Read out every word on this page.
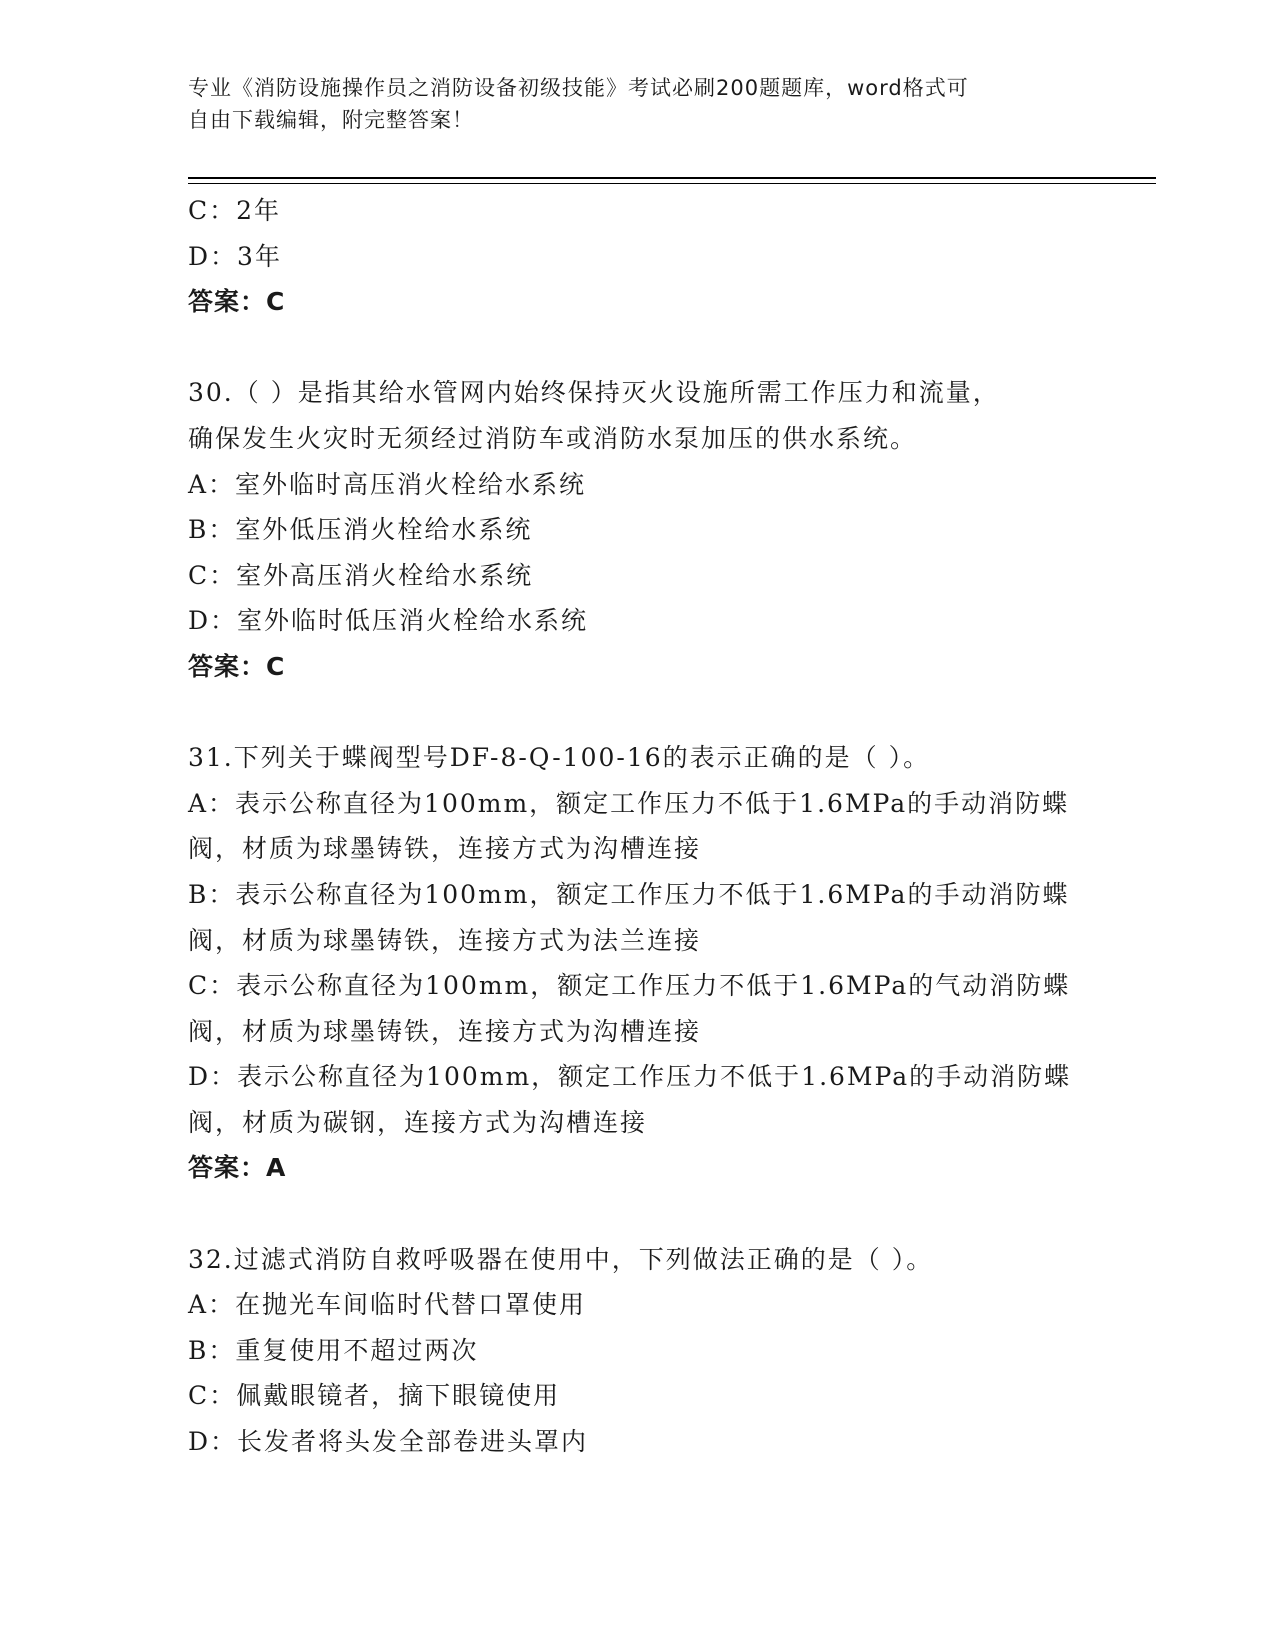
专业《消防设施操作员之消防设备初级技能》考试必刷200题题库，word格式可
自由下载编辑，附完整答案！
C：2年
D：3年
答案：C
30.（ ）是指其给水管网内始终保持灭火设施所需工作压力和流量，
确保发生火灾时无须经过消防车或消防水泵加压的供水系统。
A：室外临时高压消火栓给水系统
B：室外低压消火栓给水系统
C：室外高压消火栓给水系统
D：室外临时低压消火栓给水系统
答案：C
31.下列关于蝶阀型号DF-8-Q-100-16的表示正确的是（ ）。
A：表示公称直径为100mm，额定工作压力不低于1.6MPa的手动消防蝶
阀，材质为球墨铸铁，连接方式为沟槽连接
B：表示公称直径为100mm，额定工作压力不低于1.6MPa的手动消防蝶
阀，材质为球墨铸铁，连接方式为法兰连接
C：表示公称直径为100mm，额定工作压力不低于1.6MPa的气动消防蝶
阀，材质为球墨铸铁，连接方式为沟槽连接
D：表示公称直径为100mm，额定工作压力不低于1.6MPa的手动消防蝶
阀，材质为碳钢，连接方式为沟槽连接
答案：A
32.过滤式消防自救呼吸器在使用中，下列做法正确的是（ ）。
A：在抛光车间临时代替口罩使用
B：重复使用不超过两次
C：佩戴眼镜者，摘下眼镜使用
D：长发者将头发全部卷进头罩内
